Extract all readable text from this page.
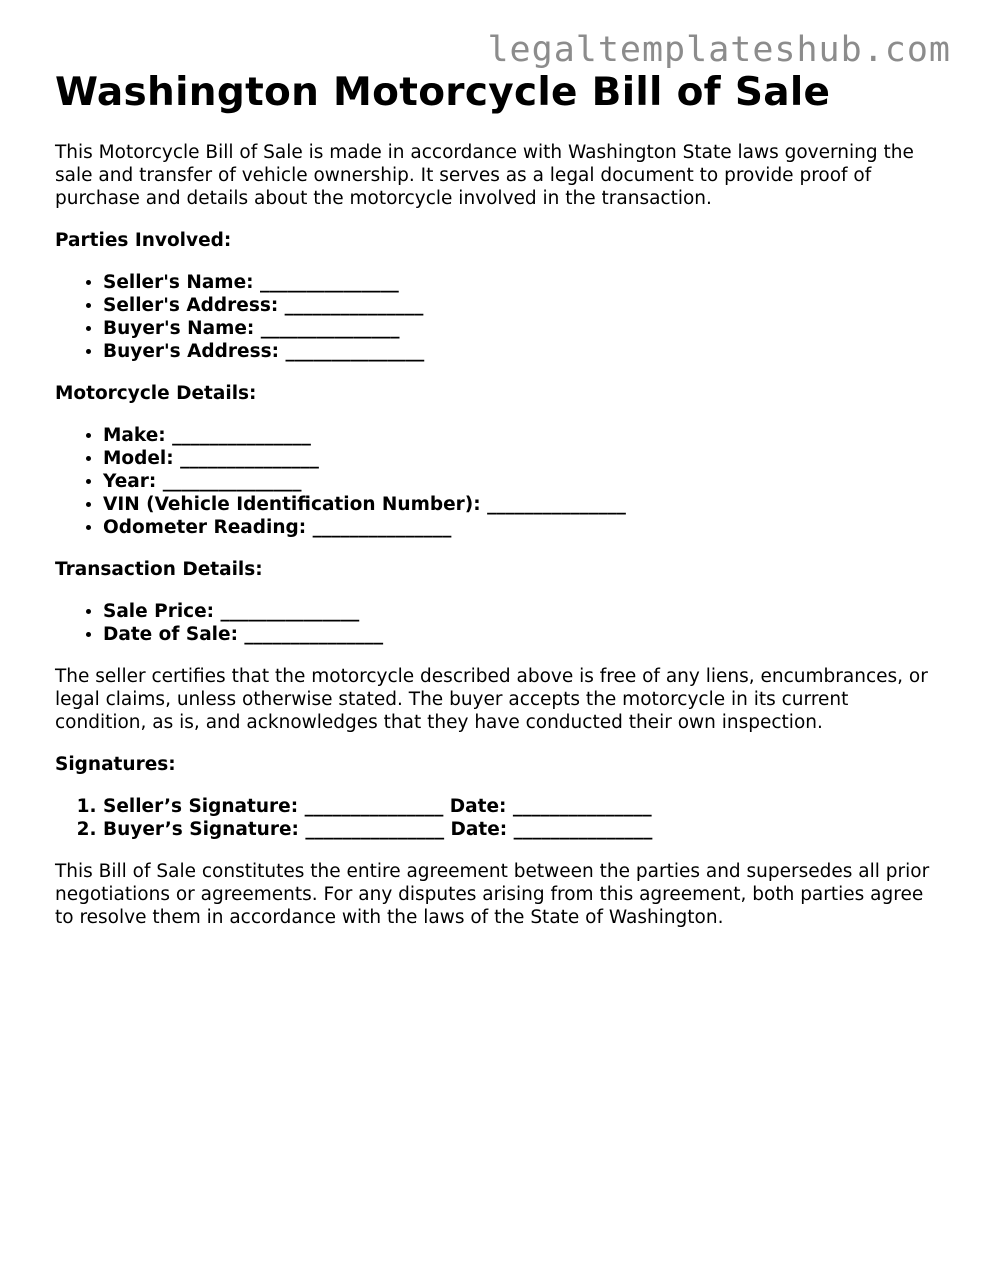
legaltemplateshub.com
Washington Motorcycle Bill of Sale

This Motorcycle Bill of Sale is made in accordance with Washington State laws governing the sale and transfer of vehicle ownership. It serves as a legal document to provide proof of purchase and details about the motorcycle involved in the transaction.

Parties Involved:
• Seller's Name: _______________
• Seller's Address: _______________
• Buyer's Name: _______________
• Buyer's Address: _______________
Motorcycle Details:
• Make: _______________
• Model: _______________
• Year: _______________
• VIN (Vehicle Identification Number): _______________
• Odometer Reading: _______________
Transaction Details:
• Sale Price: _______________
• Date of Sale: _______________

The seller certifies that the motorcycle described above is free of any liens, encumbrances, or legal claims, unless otherwise stated. The buyer accepts the motorcycle in its current condition, as is, and acknowledges that they have conducted their own inspection.

Signatures:
1. Seller’s Signature: _______________ Date: _______________
2. Buyer’s Signature: _______________ Date: _______________

This Bill of Sale constitutes the entire agreement between the parties and supersedes all prior negotiations or agreements. For any disputes arising from this agreement, both parties agree to resolve them in accordance with the laws of the State of Washington.
